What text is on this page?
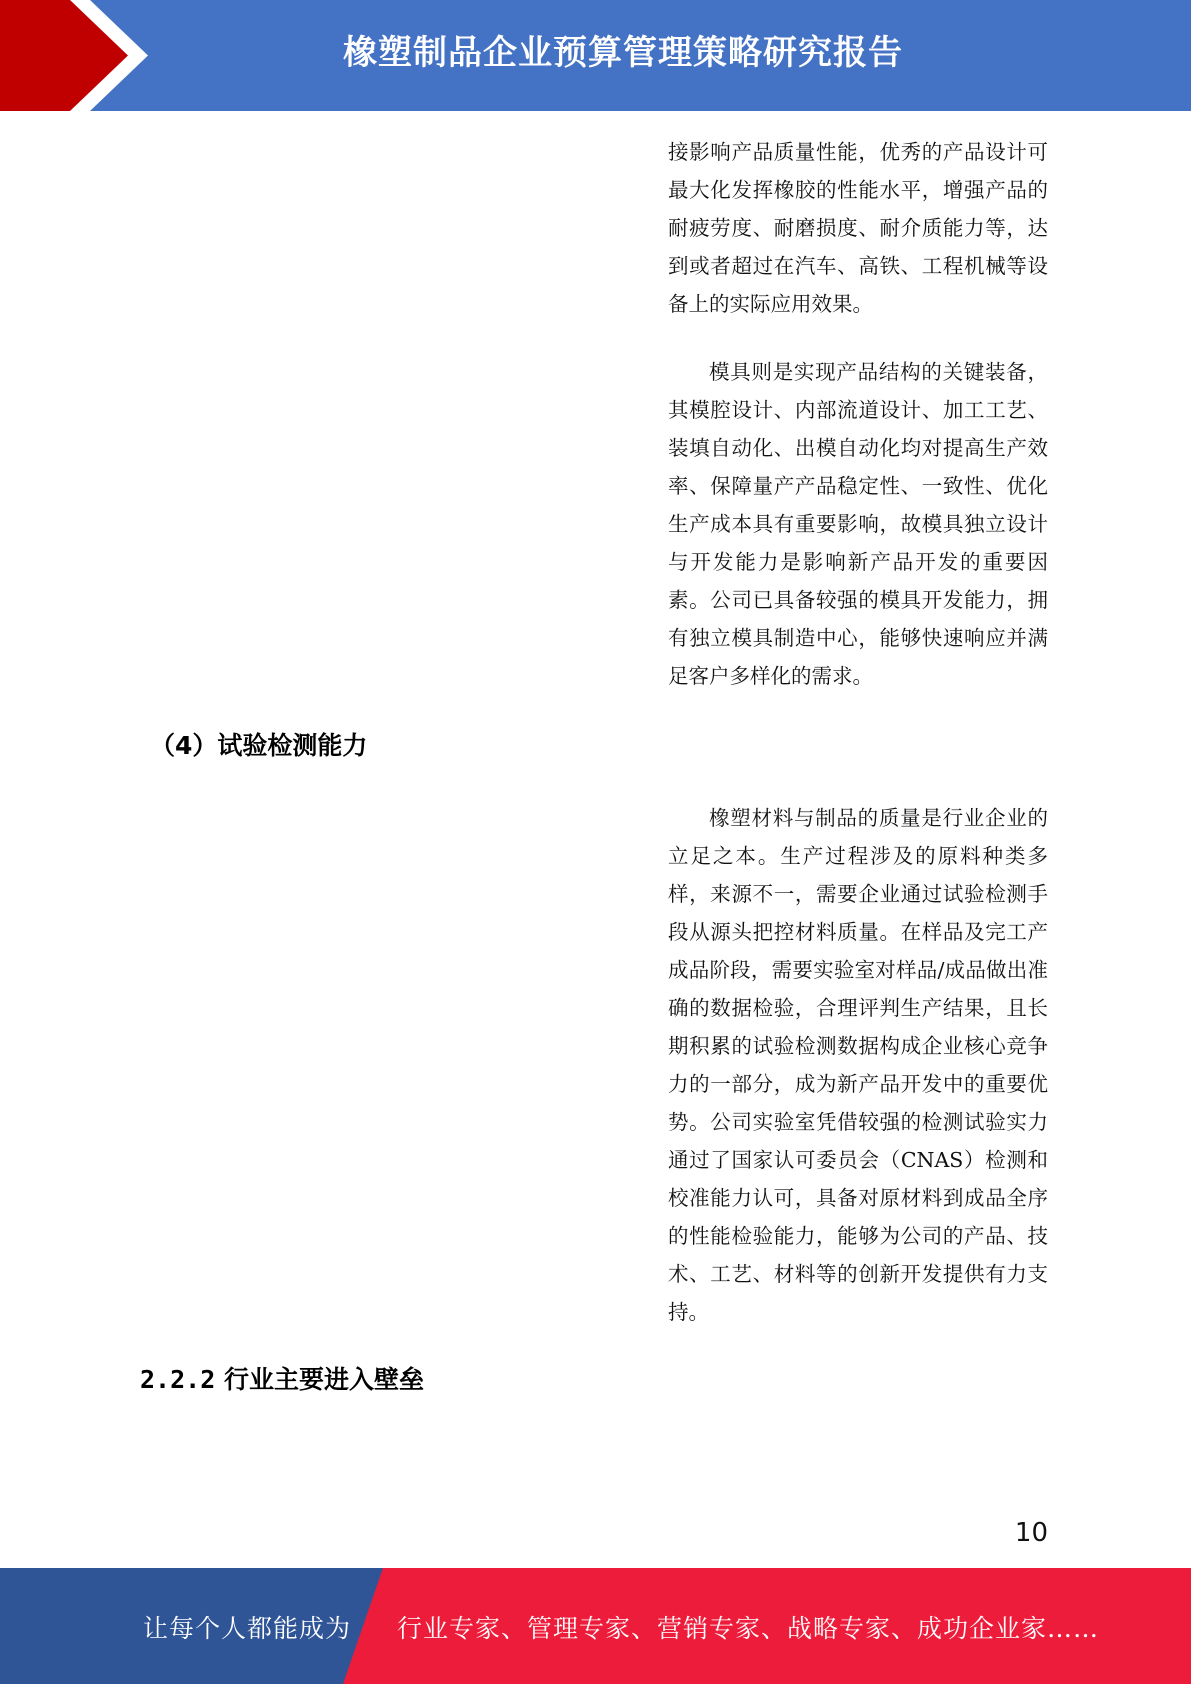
橡塑制品企业预算管理策略研究报告

接影响产品质量性能，优秀的产品设计可最大化发挥橡胶的性能水平，增强产品的耐疲劳度、耐磨损度、耐介质能力等，达到或者超过在汽车、高铁、工程机械等设备上的实际应用效果。

模具则是实现产品结构的关键装备，其模腔设计、内部流道设计、加工工艺、装填自动化、出模自动化均对提高生产效率、保障量产产品稳定性、一致性、优化生产成本具有重要影响，故模具独立设计与开发能力是影响新产品开发的重要因素。公司已具备较强的模具开发能力，拥有独立模具制造中心，能够快速响应并满足客户多样化的需求。

（4）试验检测能力

橡塑材料与制品的质量是行业企业的立足之本。生产过程涉及的原料种类多样，来源不一，需要企业通过试验检测手段从源头把控材料质量。在样品及完工产成品阶段，需要实验室对样品/成品做出准确的数据检验，合理评判生产结果，且长期积累的试验检测数据构成企业核心竞争力的一部分，成为新产品开发中的重要优势。公司实验室凭借较强的检测试验实力通过了国家认可委员会（CNAS）检测和校准能力认可，具备对原材料到成品全序的性能检验能力，能够为公司的产品、技术、工艺、材料等的创新开发提供有力支持。

2.2.2 行业主要进入壁垒
10
让每个人都能成为 行业专家、管理专家、营销专家、战略专家、成功企业家……
